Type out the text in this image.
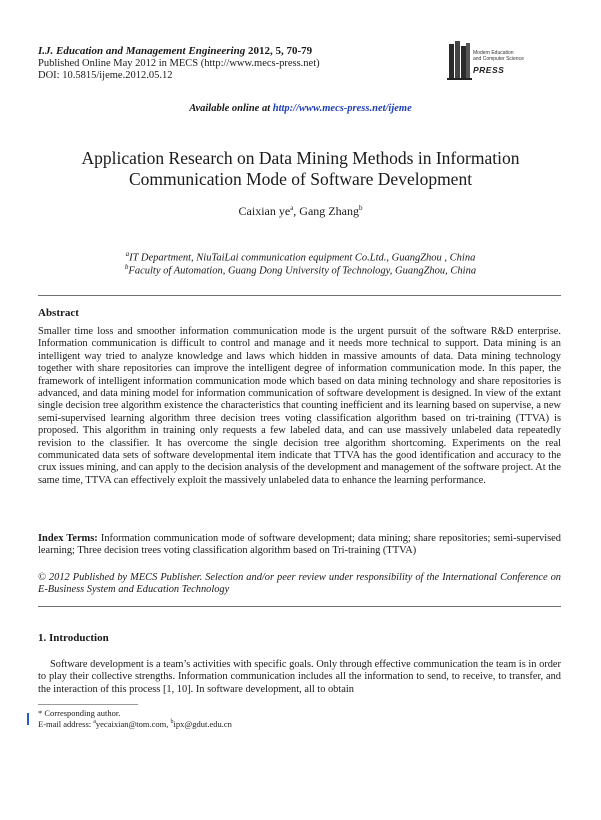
I.J. Education and Management Engineering 2012, 5, 70-79
Published Online May 2012 in MECS (http://www.mecs-press.net)
DOI: 10.5815/ijeme.2012.05.12
Modern Education
and Computer Science
PRESS
Available online at http://www.mecs-press.net/ijeme
Application Research on Data Mining Methods in Information
Communication Mode of Software Development
Caixian $ye^a$, Gang Zhang$^b$
$^a$IT Department, NiuTaiLai communication equipment Co.Ltd., GuangZhou , China
$^b$Faculty of Automation, Guang Dong University of Technology, GuangZhou, China
Abstract
Smaller time loss and smoother information communication mode is the urgent pursuit of the software R&D enterprise. Information communication is difficult to control and manage and it needs more technical to support. Data mining is an intelligent way tried to analyze knowledge and laws which hidden in massive amounts of data. Data mining technology together with share repositories can improve the intelligent degree of information communication mode. In this paper, the framework of intelligent information communication mode which based on data mining technology and share repositories is advanced, and data mining model for information communication of software development is designed. In view of the extant single decision tree algorithm existence the characteristics that counting inefficient and its learning based on supervise, a new semi-supervised learning algorithm three decision trees voting classification algorithm based on tri-training (TTVA) is proposed. This algorithm in training only requests a few labeled data, and can use massively unlabeled data repeatedly revision to the classifier. It has overcome the single decision tree algorithm shortcoming. Experiments on the real communicated data sets of software developmental item indicate that TTVA has the good identification and accuracy to the crux issues mining, and can apply to the decision analysis of the development and management of the software project. At the same time, TTVA can effectively exploit the massively unlabeled data to enhance the learning performance.
Index Terms: Information communication mode of software development; data mining; share repositories; semi-supervised learning; Three decision trees voting classification algorithm based on Tri-training (TTVA)
© 2012 Published by MECS Publisher. Selection and/or peer review under responsibility of the International Conference on E-Business System and Education Technology
1. Introduction
Software development is a team’s activities with specific goals. Only through effective communication the team is in order to play their collective strengths. Information communication includes all the information to send, to receive, to transfer, and the interaction of this process [1, 10]. In software development, all to obtain
* Corresponding author.
E-mail address: $^a$yecaixian@tom.com, $^b$ipx@gdut.edu.cn
